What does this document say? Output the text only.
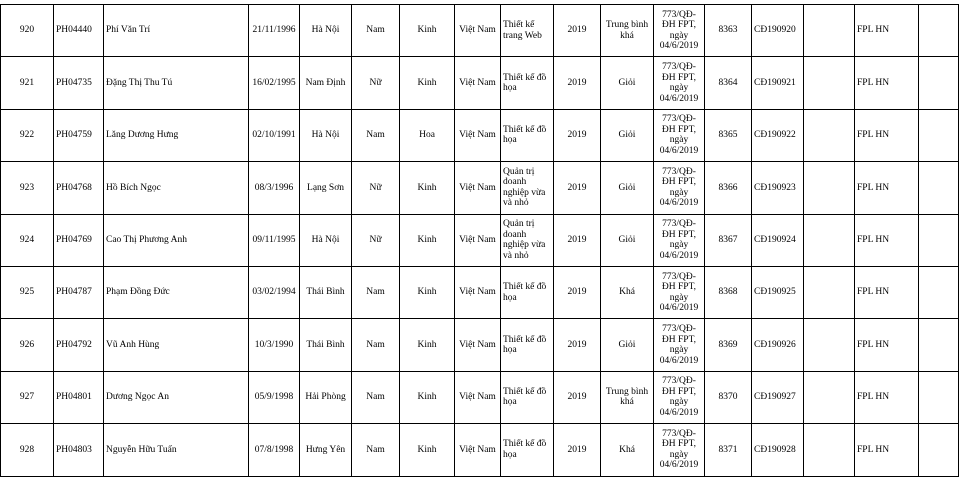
920	PH04440	Phí Văn Trí	21/11/1996	Hà Nội	Nam	Kinh	Việt Nam	Thiết kế trang Web	2019	Trung bình khá	773/QĐ-ĐH FPT, ngày 04/6/2019	8363	CĐ190920		FPL HN	
921	PH04735	Đặng Thị Thu Tú	16/02/1995	Nam Định	Nữ	Kinh	Việt Nam	Thiết kế đồ họa	2019	Giỏi	773/QĐ-ĐH FPT, ngày 04/6/2019	8364	CĐ190921		FPL HN	
922	PH04759	Lăng Dương Hưng	02/10/1991	Hà Nội	Nam	Hoa	Việt Nam	Thiết kế đồ họa	2019	Giỏi	773/QĐ-ĐH FPT, ngày 04/6/2019	8365	CĐ190922		FPL HN	
923	PH04768	Hồ Bích Ngọc	08/3/1996	Lạng Sơn	Nữ	Kinh	Việt Nam	Quản trị doanh nghiệp vừa và nhỏ	2019	Giỏi	773/QĐ-ĐH FPT, ngày 04/6/2019	8366	CĐ190923		FPL HN	
924	PH04769	Cao Thị Phương Anh	09/11/1995	Hà Nội	Nữ	Kinh	Việt Nam	Quản trị doanh nghiệp vừa và nhỏ	2019	Giỏi	773/QĐ-ĐH FPT, ngày 04/6/2019	8367	CĐ190924		FPL HN	
925	PH04787	Phạm Đồng Đức	03/02/1994	Thái Bình	Nam	Kinh	Việt Nam	Thiết kế đồ họa	2019	Khá	773/QĐ-ĐH FPT, ngày 04/6/2019	8368	CĐ190925		FPL HN	
926	PH04792	Vũ Anh Hùng	10/3/1990	Thái Bình	Nam	Kinh	Việt Nam	Thiết kế đồ họa	2019	Giỏi	773/QĐ-ĐH FPT, ngày 04/6/2019	8369	CĐ190926		FPL HN	
927	PH04801	Dương Ngọc An	05/9/1998	Hải Phòng	Nam	Kinh	Việt Nam	Thiết kế đồ họa	2019	Trung bình khá	773/QĐ-ĐH FPT, ngày 04/6/2019	8370	CĐ190927		FPL HN	
928	PH04803	Nguyễn Hữu Tuấn	07/8/1998	Hưng Yên	Nam	Kinh	Việt Nam	Thiết kế đồ họa	2019	Khá	773/QĐ-ĐH FPT, ngày 04/6/2019	8371	CĐ190928		FPL HN	
